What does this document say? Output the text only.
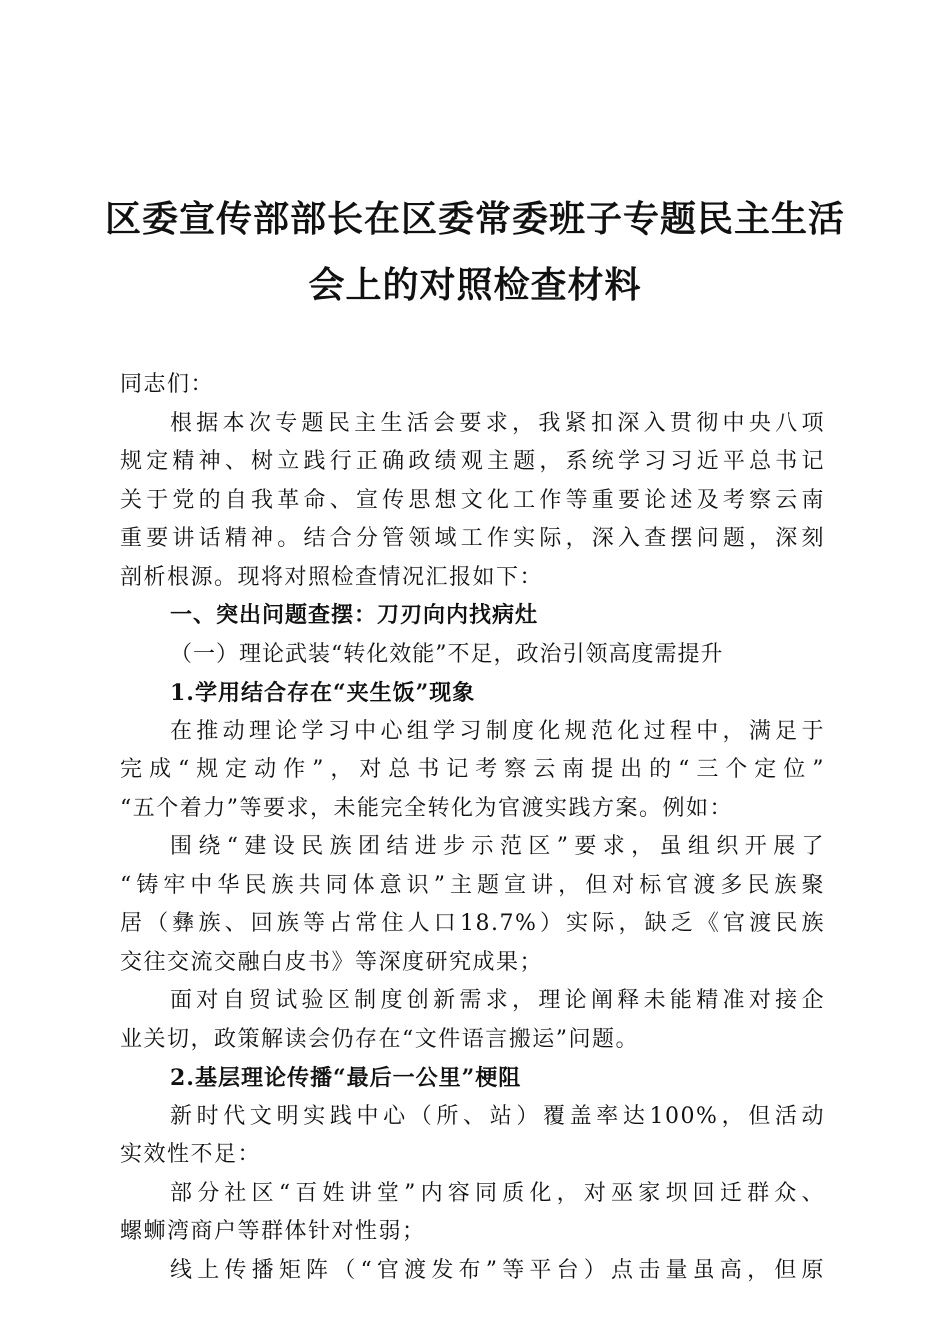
区委宣传部部长在区委常委班子专题民主生活
会上的对照检查材料
同志们：
根据本次专题民主生活会要求，我紧扣深入贯彻中央八项
规定精神、树立践行正确政绩观主题，系统学习习近平总书记
关于党的自我革命、宣传思想文化工作等重要论述及考察云南
重要讲话精神。结合分管领域工作实际，深入查摆问题，深刻
剖析根源。现将对照检查情况汇报如下：
一、突出问题查摆：刀刃向内找病灶
（一）理论武装“转化效能”不足，政治引领高度需提升
1.学用结合存在“夹生饭”现象
在推动理论学习中心组学习制度化规范化过程中，满足于
完成“规定动作”，对总书记考察云南提出的“三个定位”
“五个着力”等要求，未能完全转化为官渡实践方案。例如：
围绕“建设民族团结进步示范区”要求，虽组织开展了
“铸牢中华民族共同体意识”主题宣讲，但对标官渡多民族聚
居（彝族、回族等占常住人口18.7%）实际，缺乏《官渡民族
交往交流交融白皮书》等深度研究成果；
面对自贸试验区制度创新需求，理论阐释未能精准对接企
业关切，政策解读会仍存在“文件语言搬运”问题。
2.基层理论传播“最后一公里”梗阻
新时代文明实践中心（所、站）覆盖率达100%，但活动
实效性不足：
部分社区“百姓讲堂”内容同质化，对巫家坝回迁群众、
螺蛳湾商户等群体针对性弱；
线上传播矩阵（“官渡发布”等平台）点击量虽高，但原
